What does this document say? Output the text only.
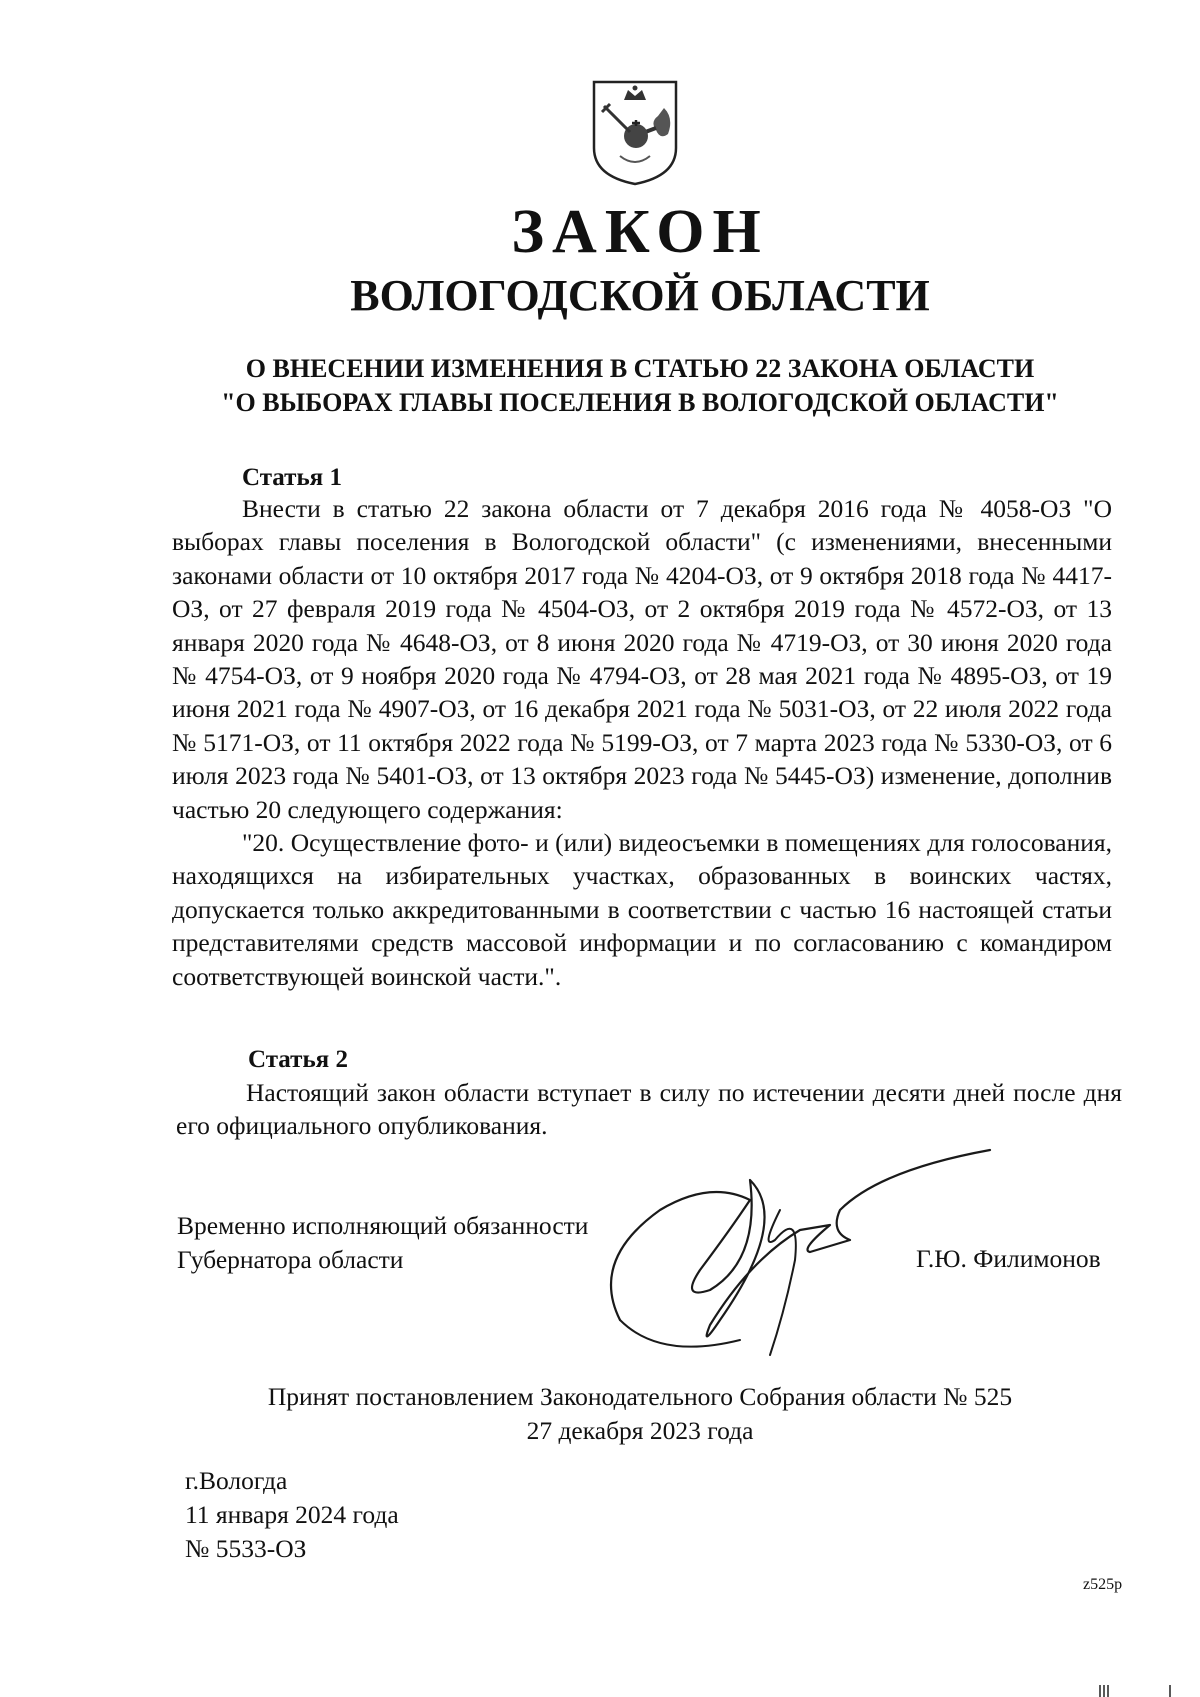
ЗАКОН
ВОЛОГОДСКОЙ ОБЛАСТИ
О ВНЕСЕНИИ ИЗМЕНЕНИЯ В СТАТЬЮ 22 ЗАКОНА ОБЛАСТИ
"О ВЫБОРАХ ГЛАВЫ ПОСЕЛЕНИЯ В ВОЛОГОДСКОЙ ОБЛАСТИ"
Статья 1

Внести в статью 22 закона области от 7 декабря 2016 года № 4058-ОЗ "О выборах главы поселения в Вологодской области" (с изменениями, внесенными законами области от 10 октября 2017 года № 4204-ОЗ, от 9 октября 2018 года № 4417-ОЗ, от 27 февраля 2019 года № 4504-ОЗ, от 2 октября 2019 года № 4572-ОЗ, от 13 января 2020 года № 4648-ОЗ, от 8 июня 2020 года № 4719-ОЗ, от 30 июня 2020 года № 4754-ОЗ, от 9 ноября 2020 года № 4794-ОЗ, от 28 мая 2021 года № 4895-ОЗ, от 19 июня 2021 года № 4907-ОЗ, от 16 декабря 2021 года № 5031-ОЗ, от 22 июля 2022 года № 5171-ОЗ, от 11 октября 2022 года № 5199-ОЗ, от 7 марта 2023 года № 5330-ОЗ, от 6 июля 2023 года № 5401-ОЗ, от 13 октября 2023 года № 5445-ОЗ) изменение, дополнив частью 20 следующего содержания:

"20. Осуществление фото- и (или) видеосъемки в помещениях для голосования, находящихся на избирательных участках, образованных в воинских частях, допускается только аккредитованными в соответствии с частью 16 настоящей статьи представителями средств массовой информации и по согласованию с командиром соответствующей воинской части.".

Статья 2

Настоящий закон области вступает в силу по истечении десяти дней после дня его официального опубликования.

Временно исполняющий обязанности
Губернатора области	Г.Ю. Филимонов
Принят постановлением Законодательного Собрания области № 525
27 декабря 2023 года
г.Вологда
11 января 2024 года
№ 5533-ОЗ
z525р
